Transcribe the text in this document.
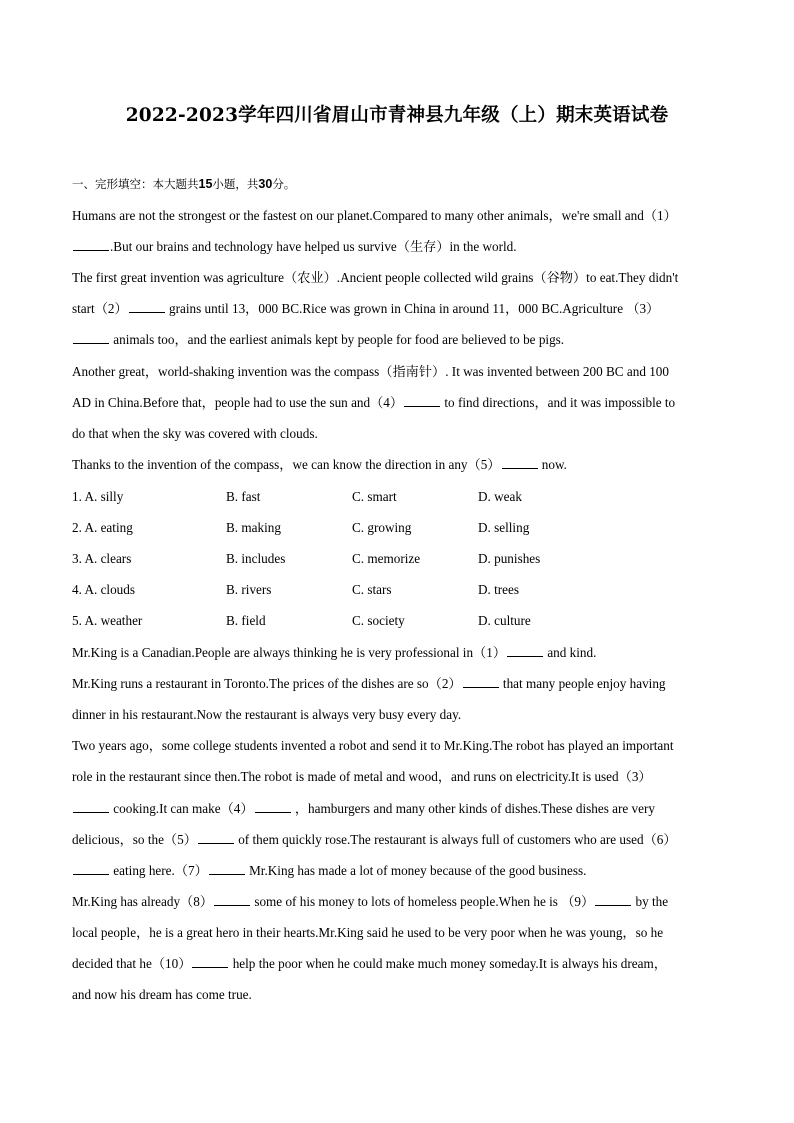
2022-2023学年四川省眉山市青神县九年级（上）期末英语试卷
一、完形填空：本大题共15小题，共30分。
Humans are not the strongest or the fastest on our planet.Compared to many other animals，we're small and（1）
.But our brains and technology have helped us survive（生存）in the world.
The first great invention was agriculture（农业）.Ancient people collected wild grains（谷物）to eat.They didn't
start（2）	grains until 13，000 BC.Rice was grown in China in around 11，000 BC.Agriculture （3）
animals too，and the earliest animals kept by people for food are believed to be pigs.
Another great，world-shaking invention was the compass（指南针）. It was invented between 200 BC and 100
AD in China.Before that，people had to use the sun and（4）	to find directions，and it was impossible to
do that when the sky was covered with clouds.
Thanks to the invention of the compass，we can know the direction in any（5）	now.
1. A. silly	B. fast	C. smart	D. weak
2. A. eating	B. making	C. growing	D. selling
3. A. clears	B. includes	C. memorize	D. punishes
4. A. clouds	B. rivers	C. stars	D. trees
5. A. weather	B. field	C. society	D. culture
Mr.King is a Canadian.People are always thinking he is very professional in（1）	and kind.
Mr.King runs a restaurant in Toronto.The prices of the dishes are so（2）	that many people enjoy having
dinner in his restaurant.Now the restaurant is always very busy every day.
Two years ago，some college students invented a robot and send it to Mr.King.The robot has played an important
role in the restaurant since then.The robot is made of metal and wood，and runs on electricity.It is used（3）
cooking.It can make（4）	，hamburgers and many other kinds of dishes.These dishes are very
delicious，so the（5）	of them quickly rose.The restaurant is always full of customers who are used（6）
eating here.（7）	Mr.King has made a lot of money because of the good business.
Mr.King has already（8）	some of his money to lots of homeless people.When he is （9）	by the
local people，he is a great hero in their hearts.Mr.King said he used to be very poor when he was young，so he
decided that he（10）	help the poor when he could make much money someday.It is always his dream，
and now his dream has come true.
